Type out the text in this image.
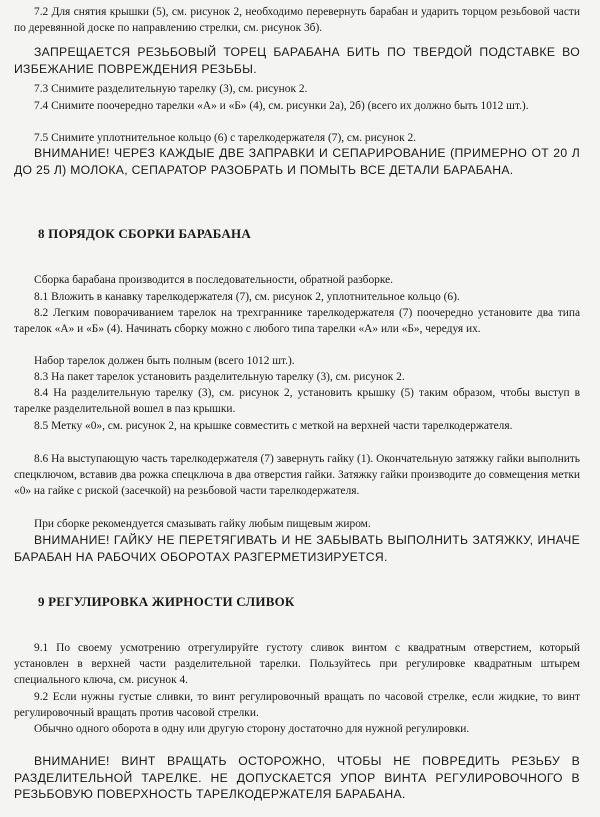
7.2 Для снятия крышки (5), см. рисунок 2, необходимо перевернуть барабан и ударить торцом резьбовой части по деревянной доске по направлению стрелки, см. рисунок 3б).
ЗАПРЕЩАЕТСЯ РЕЗЬБОВЫЙ ТОРЕЦ БАРАБАНА БИТЬ ПО ТВЕРДОЙ ПОДСТАВКЕ ВО ИЗБЕЖАНИЕ ПОВРЕЖДЕНИЯ РЕЗЬБЫ.
7.3 Снимите разделительную тарелку (3), см. рисунок 2.
7.4 Снимите поочередно тарелки «А» и «Б» (4), см. рисунки 2а), 2б) (всего их должно быть 1012 шт.).
7.5 Снимите уплотнительное кольцо (6) с тарелкодержателя (7), см. рисунок 2.
ВНИМАНИЕ! ЧЕРЕЗ КАЖДЫЕ ДВЕ ЗАПРАВКИ И СЕПАРИРОВАНИЕ (ПРИМЕРНО ОТ 20 Л ДО 25 Л) МОЛОКА, СЕПАРАТОР РАЗОБРАТЬ И ПОМЫТЬ ВСЕ ДЕТАЛИ БАРАБАНА.
8 ПОРЯДОК СБОРКИ БАРАБАНА
Сборка барабана производится в последовательности, обратной разборке.
8.1 Вложить в канавку тарелкодержателя (7), см. рисунок 2, уплотнительное кольцо (6).
8.2 Легким поворачиванием тарелок на трехграннике тарелкодержателя (7) поочередно установите два типа тарелок «А» и «Б» (4). Начинать сборку можно с любого типа тарелки «А» или «Б», чередуя их.
Набор тарелок должен быть полным (всего 1012 шт.).
8.3 На пакет тарелок установить разделительную тарелку (3), см. рисунок 2.
8.4 На разделительную тарелку (3), см. рисунок 2, установить крышку (5) таким образом, чтобы выступ в тарелке разделительной вошел в паз крышки.
8.5 Метку «0», см. рисунок 2, на крышке совместить с меткой на верхней части тарелкодержателя.
8.6 На выступающую часть тарелкодержателя (7) завернуть гайку (1). Окончательную затяжку гайки выполнить спецключом, вставив два рожка спецключа в два отверстия гайки. Затяжку гайки производите до совмещения метки «0» на гайке с риской (засечкой) на резьбовой части тарелкодержателя.
При сборке рекомендуется смазывать гайку любым пищевым жиром.
ВНИМАНИЕ! ГАЙКУ НЕ ПЕРЕТЯГИВАТЬ И НЕ ЗАБЫВАТЬ ВЫПОЛНИТЬ ЗАТЯЖКУ, ИНАЧЕ БАРАБАН НА РАБОЧИХ ОБОРОТАХ РАЗГЕРМЕТИЗИРУЕТСЯ.
9 РЕГУЛИРОВКА ЖИРНОСТИ СЛИВОК
9.1 По своему усмотрению отрегулируйте густоту сливок винтом с квадратным отверстием, который установлен в верхней части разделительной тарелки. Пользуйтесь при регулировке квадратным штырем специального ключа, см. рисунок 4.
9.2 Если нужны густые сливки, то винт регулировочный вращать по часовой стрелке, если жидкие, то винт регулировочный вращать против часовой стрелки.
Обычно одного оборота в одну или другую сторону достаточно для нужной регулировки.
ВНИМАНИЕ! ВИНТ ВРАЩАТЬ ОСТОРОЖНО, ЧТОБЫ НЕ ПОВРЕДИТЬ РЕЗЬБУ В РАЗДЕЛИТЕЛЬНОЙ ТАРЕЛКЕ. НЕ ДОПУСКАЕТСЯ УПОР ВИНТА РЕГУЛИРОВОЧНОГО В РЕЗЬБОВУЮ ПОВЕРХНОСТЬ ТАРЕЛКОДЕРЖАТЕЛЯ БАРАБАНА.
